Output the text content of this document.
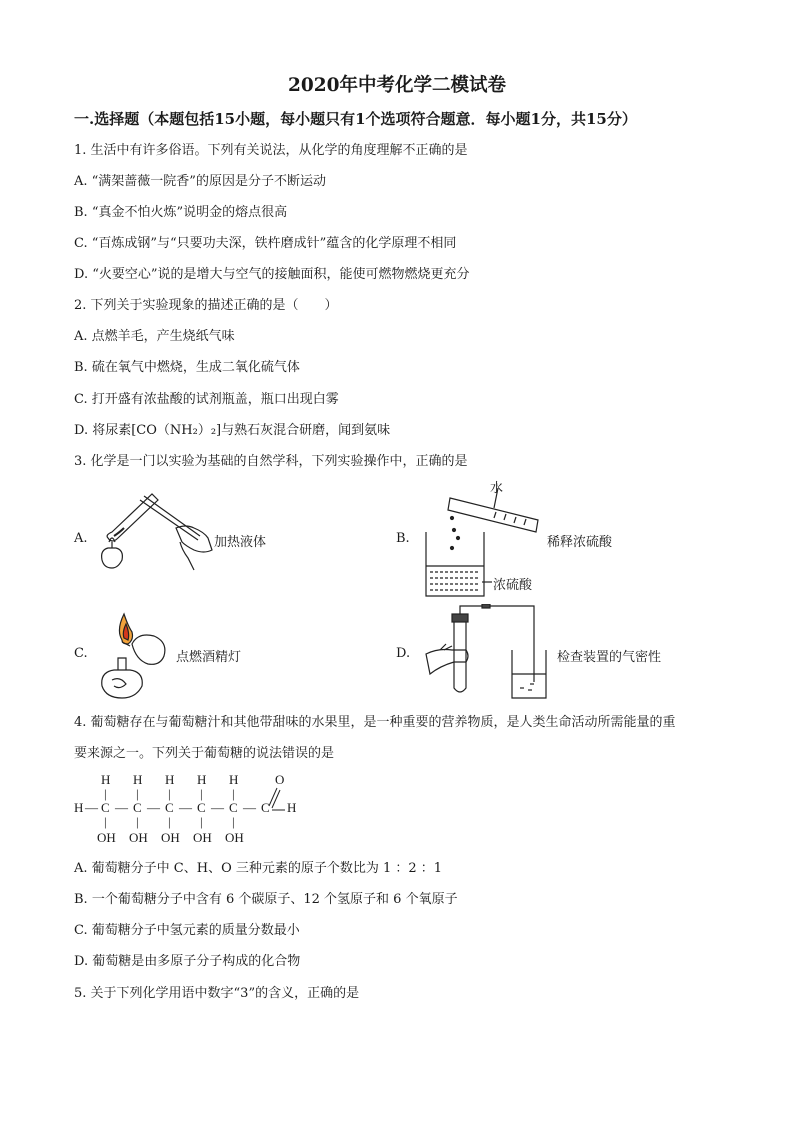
2020年中考化学二模试卷
一.选择题（本题包括15小题，每小题只有1个选项符合题意．每小题1分，共15分）
1. 生活中有许多俗语。下列有关说法，从化学的角度理解不正确的是
A. “满架蔷薇一院香”的原因是分子不断运动
B. “真金不怕火炼”说明金的熔点很高
C. “百炼成钢”与“只要功夫深，铁杵磨成针”蕴含的化学原理不相同
D. “火要空心”说的是增大与空气的接触面积，能使可燃物燃烧更充分
2. 下列关于实验现象的描述正确的是（　　）
A. 点燃羊毛，产生烧纸气味
B. 硫在氧气中燃烧，生成二氧化硫气体
C. 打开盛有浓盐酸的试剂瓶盖，瓶口出现白雾
D. 将尿素[CO（NH₂）₂]与熟石灰混合研磨，闻到氨味
3. 化学是一门以实验为基础的自然学科，下列实验操作中，正确的是
A.	加热液体	B.
水
浓硫酸
稀释浓硫酸
C.	点燃酒精灯	D.	检查装置的气密性
4. 葡萄糖存在与葡萄糖汁和其他带甜味的水果里，是一种重要的营养物质，是人类生命活动所需能量的重
要来源之一。下列关于葡萄糖的说法错误的是
H H H H H	O
| | | | |
H — C — C — C — C — C — C H
| | | | |
OH OH OH OH OH
A. 葡萄糖分子中 C、H、O 三种元素的原子个数比为 1 ：2 ：1
B. 一个葡萄糖分子中含有 6 个碳原子、12 个氢原子和 6 个氧原子
C. 葡萄糖分子中氢元素的质量分数最小
D. 葡萄糖是由多原子分子构成的化合物
5. 关于下列化学用语中数字“3”的含义，正确的是
